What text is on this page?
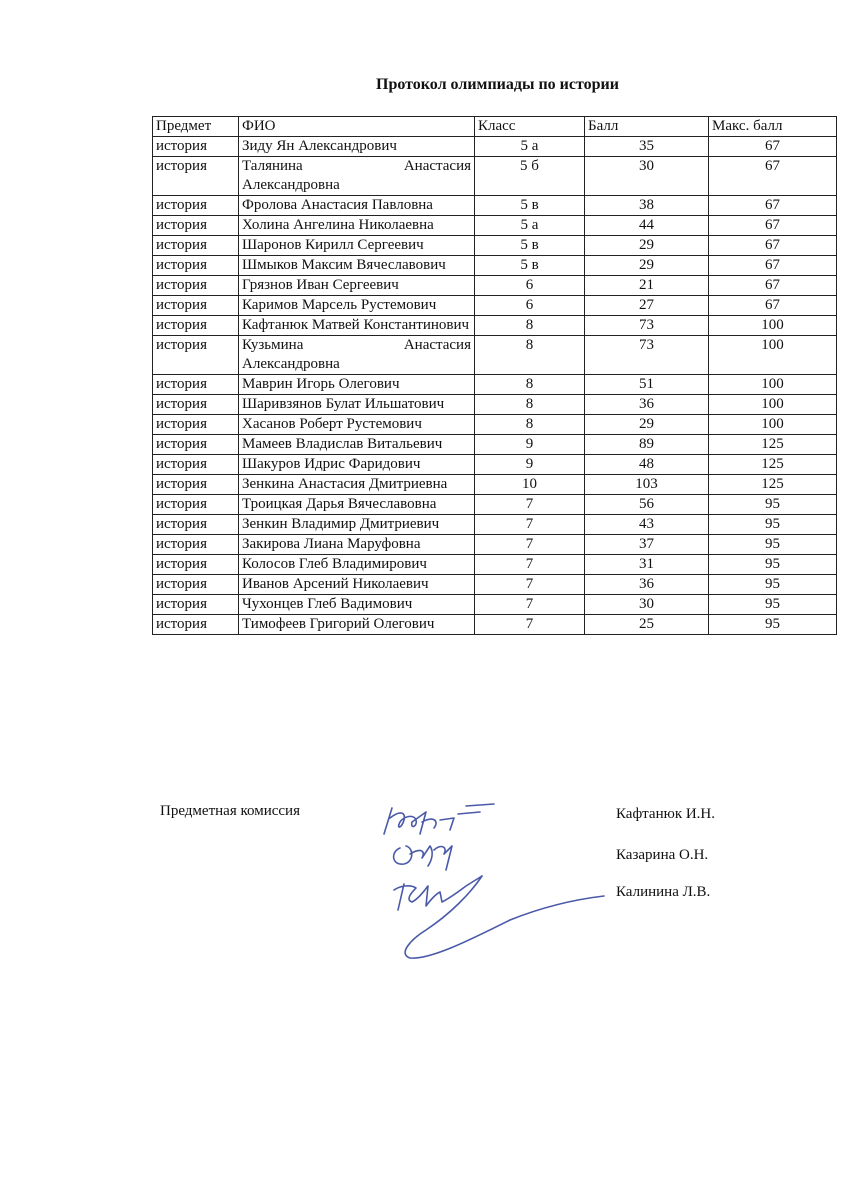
Протокол олимпиады по истории
Предмет	ФИО	Класс	Балл	Макс. балл
история	Зиду Ян Александрович	5 а	35	67
история	Талянина Анастасия Александровна	5 б	30	67
история	Фролова Анастасия Павловна	5 в	38	67
история	Холина Ангелина Николаевна	5 а	44	67
история	Шаронов Кирилл Сергеевич	5 в	29	67
история	Шмыков Максим Вячеславович	5 в	29	67
история	Грязнов Иван Сергеевич	6	21	67
история	Каримов Марсель Рустемович	6	27	67
история	Кафтанюк Матвей Константинович	8	73	100
история	Кузьмина Анастасия Александровна	8	73	100
история	Маврин Игорь Олегович	8	51	100
история	Шаривзянов Булат Ильшатович	8	36	100
история	Хасанов Роберт Рустемович	8	29	100
история	Мамеев Владислав Витальевич	9	89	125
история	Шакуров Идрис Фаридович	9	48	125
история	Зенкина Анастасия Дмитриевна	10	103	125
история	Троицкая Дарья Вячеславовна	7	56	95
история	Зенкин Владимир Дмитриевич	7	43	95
история	Закирова Лиана Маруфовна	7	37	95
история	Колосов Глеб Владимирович	7	31	95
история	Иванов Арсений Николаевич	7	36	95
история	Чухонцев Глеб Вадимович	7	30	95
история	Тимофеев Григорий Олегович	7	25	95
Предметная комиссия	Кафтанюк И.Н.
Казарина О.Н.
Калинина Л.В.
